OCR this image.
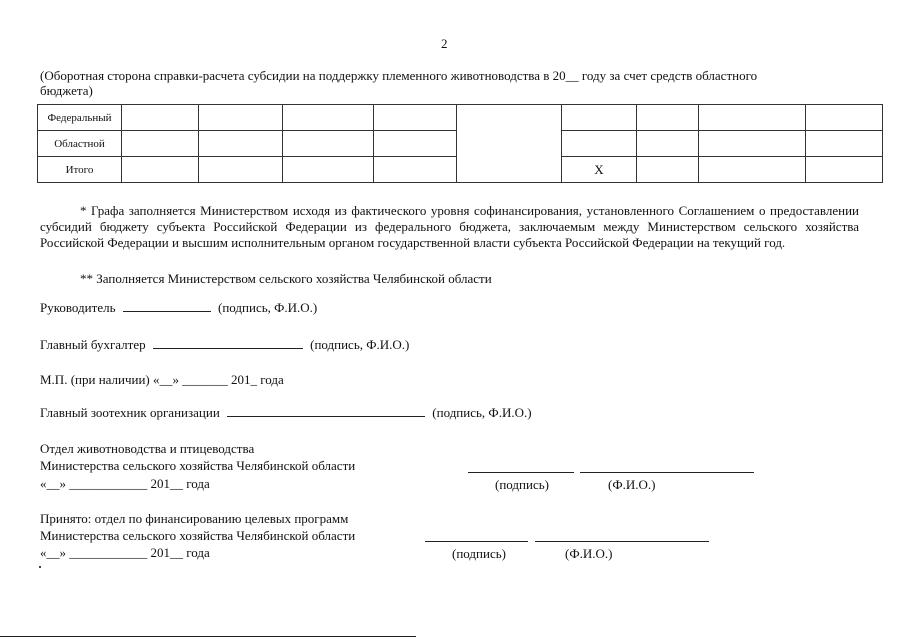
2
(Оборотная сторона справки-расчета субсидии на поддержку племенного животноводства в 20__ году за счет средств областного
бюджета)
Федеральный									
Областной									
Итого						X			

* Графа заполняется Министерством исходя из фактического уровня софинансирования, установленного Соглашением о предоставлении субсидий бюджету субъекта Российской Федерации из федерального бюджета, заключаемым между Министерством сельского хозяйства Российской Федерации и высшим исполнительным органом государственной власти субъекта Российской Федерации на текущий год.

** Заполняется Министерством сельского хозяйства Челябинской области
Руководитель	(подпись, Ф.И.О.)
Главный бухгалтер	(подпись, Ф.И.О.)
М.П. (при наличии) «__» _______ 201_ года
Главный зоотехник организации	(подпись, Ф.И.О.)
Отдел животноводства и птицеводства
Министерства сельского хозяйства Челябинской области
«__» ____________ 201__ года	(подпись)	(Ф.И.О.)
Принято: отдел по финансированию целевых программ
Министерства сельского хозяйства Челябинской области
«__» ____________ 201__ года	(подпись)	(Ф.И.О.)
